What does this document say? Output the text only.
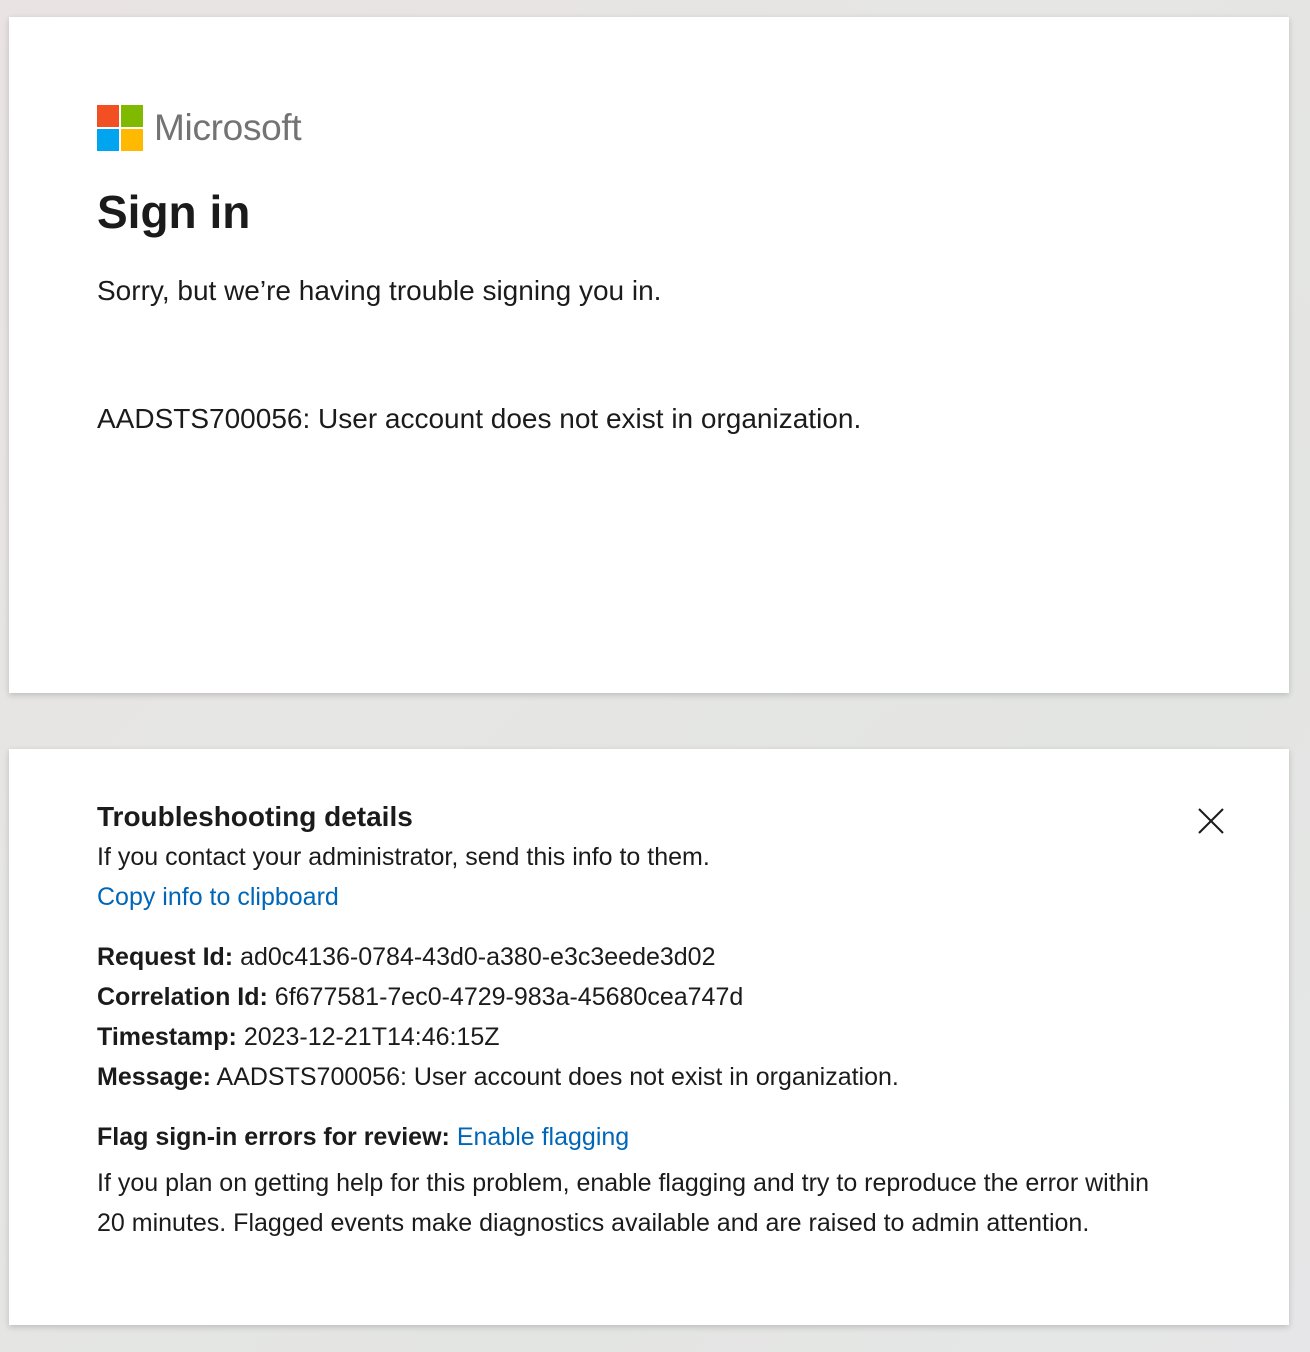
Microsoft
Sign in
Sorry, but we’re having trouble signing you in.
AADSTS700056: User account does not exist in organization.
Troubleshooting details
If you contact your administrator, send this info to them.
Copy info to clipboard
Request Id: ad0c4136-0784-43d0-a380-e3c3eede3d02
Correlation Id: 6f677581-7ec0-4729-983a-45680cea747d
Timestamp: 2023-12-21T14:46:15Z
Message: AADSTS700056: User account does not exist in organization.
Flag sign-in errors for review: Enable flagging
If you plan on getting help for this problem, enable flagging and try to reproduce the error within 20 minutes. Flagged events make diagnostics available and are raised to admin attention.
